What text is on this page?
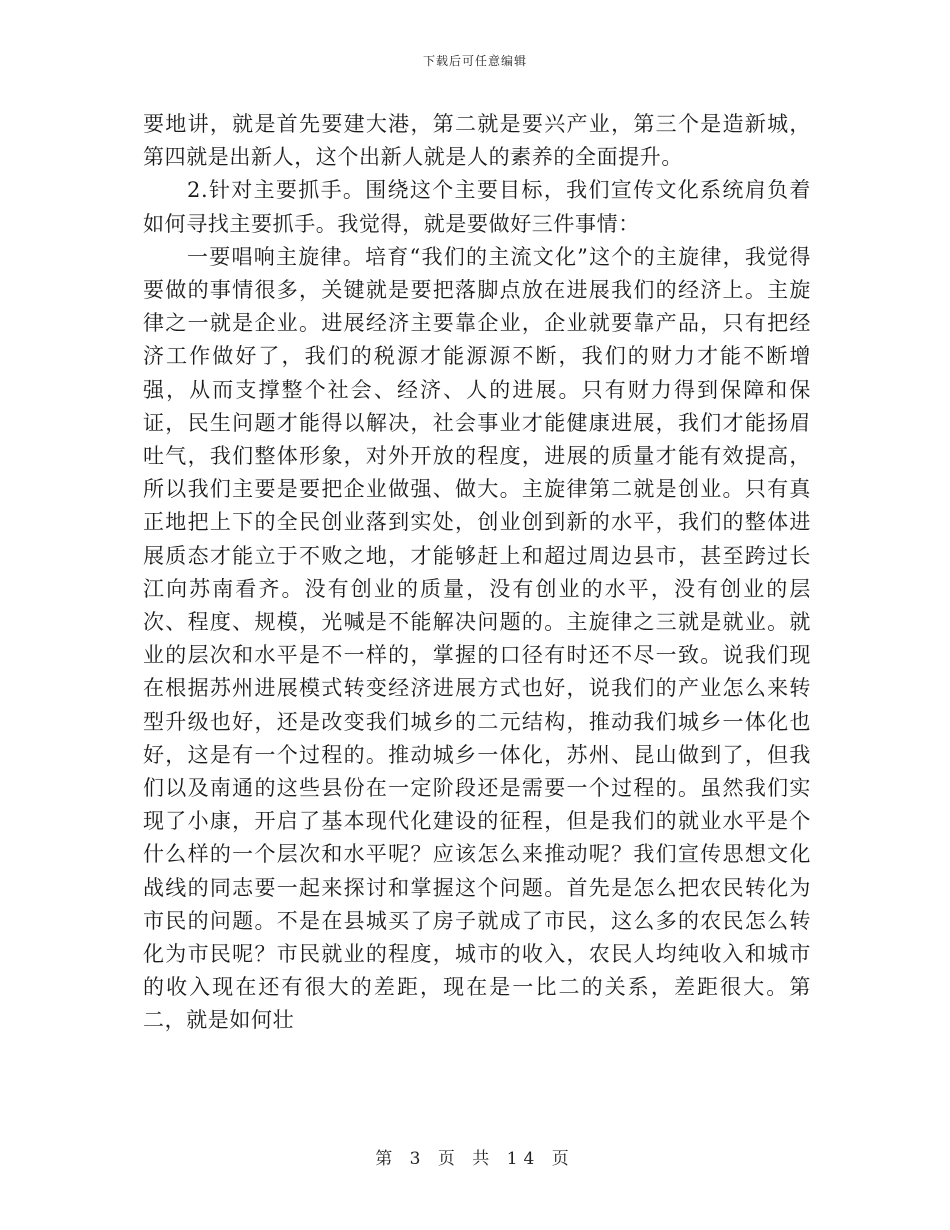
下载后可任意编辑

要地讲，就是首先要建大港，第二就是要兴产业，第三个是造新城，第四就是出新人，这个出新人就是人的素养的全面提升。

2.针对主要抓手。围绕这个主要目标，我们宣传文化系统肩负着如何寻找主要抓手。我觉得，就是要做好三件事情：

一要唱响主旋律。培育“我们的主流文化”这个的主旋律，我觉得要做的事情很多，关键就是要把落脚点放在进展我们的经济上。主旋律之一就是企业。进展经济主要靠企业，企业就要靠产品，只有把经济工作做好了，我们的税源才能源源不断，我们的财力才能不断增强，从而支撑整个社会、经济、人的进展。只有财力得到保障和保证，民生问题才能得以解决，社会事业才能健康进展，我们才能扬眉吐气，我们整体形象，对外开放的程度，进展的质量才能有效提高，所以我们主要是要把企业做强、做大。主旋律第二就是创业。只有真正地把上下的全民创业落到实处，创业创到新的水平，我们的整体进展质态才能立于不败之地，才能够赶上和超过周边县市，甚至跨过长江向苏南看齐。没有创业的质量，没有创业的水平，没有创业的层次、程度、规模，光喊是不能解决问题的。主旋律之三就是就业。就业的层次和水平是不一样的，掌握的口径有时还不尽一致。说我们现在根据苏州进展模式转变经济进展方式也好，说我们的产业怎么来转型升级也好，还是改变我们城乡的二元结构，推动我们城乡一体化也好，这是有一个过程的。推动城乡一体化，苏州、昆山做到了，但我们以及南通的这些县份在一定阶段还是需要一个过程的。虽然我们实现了小康，开启了基本现代化建设的征程，但是我们的就业水平是个什么样的一个层次和水平呢？应该怎么来推动呢？我们宣传思想文化战线的同志要一起来探讨和掌握这个问题。首先是怎么把农民转化为市民的问题。不是在县城买了房子就成了市民，这么多的农民怎么转化为市民呢？市民就业的程度，城市的收入，农民人均纯收入和城市的收入现在还有很大的差距，现在是一比二的关系，差距很大。第二，就是如何壮

第 3 页 共 14 页
